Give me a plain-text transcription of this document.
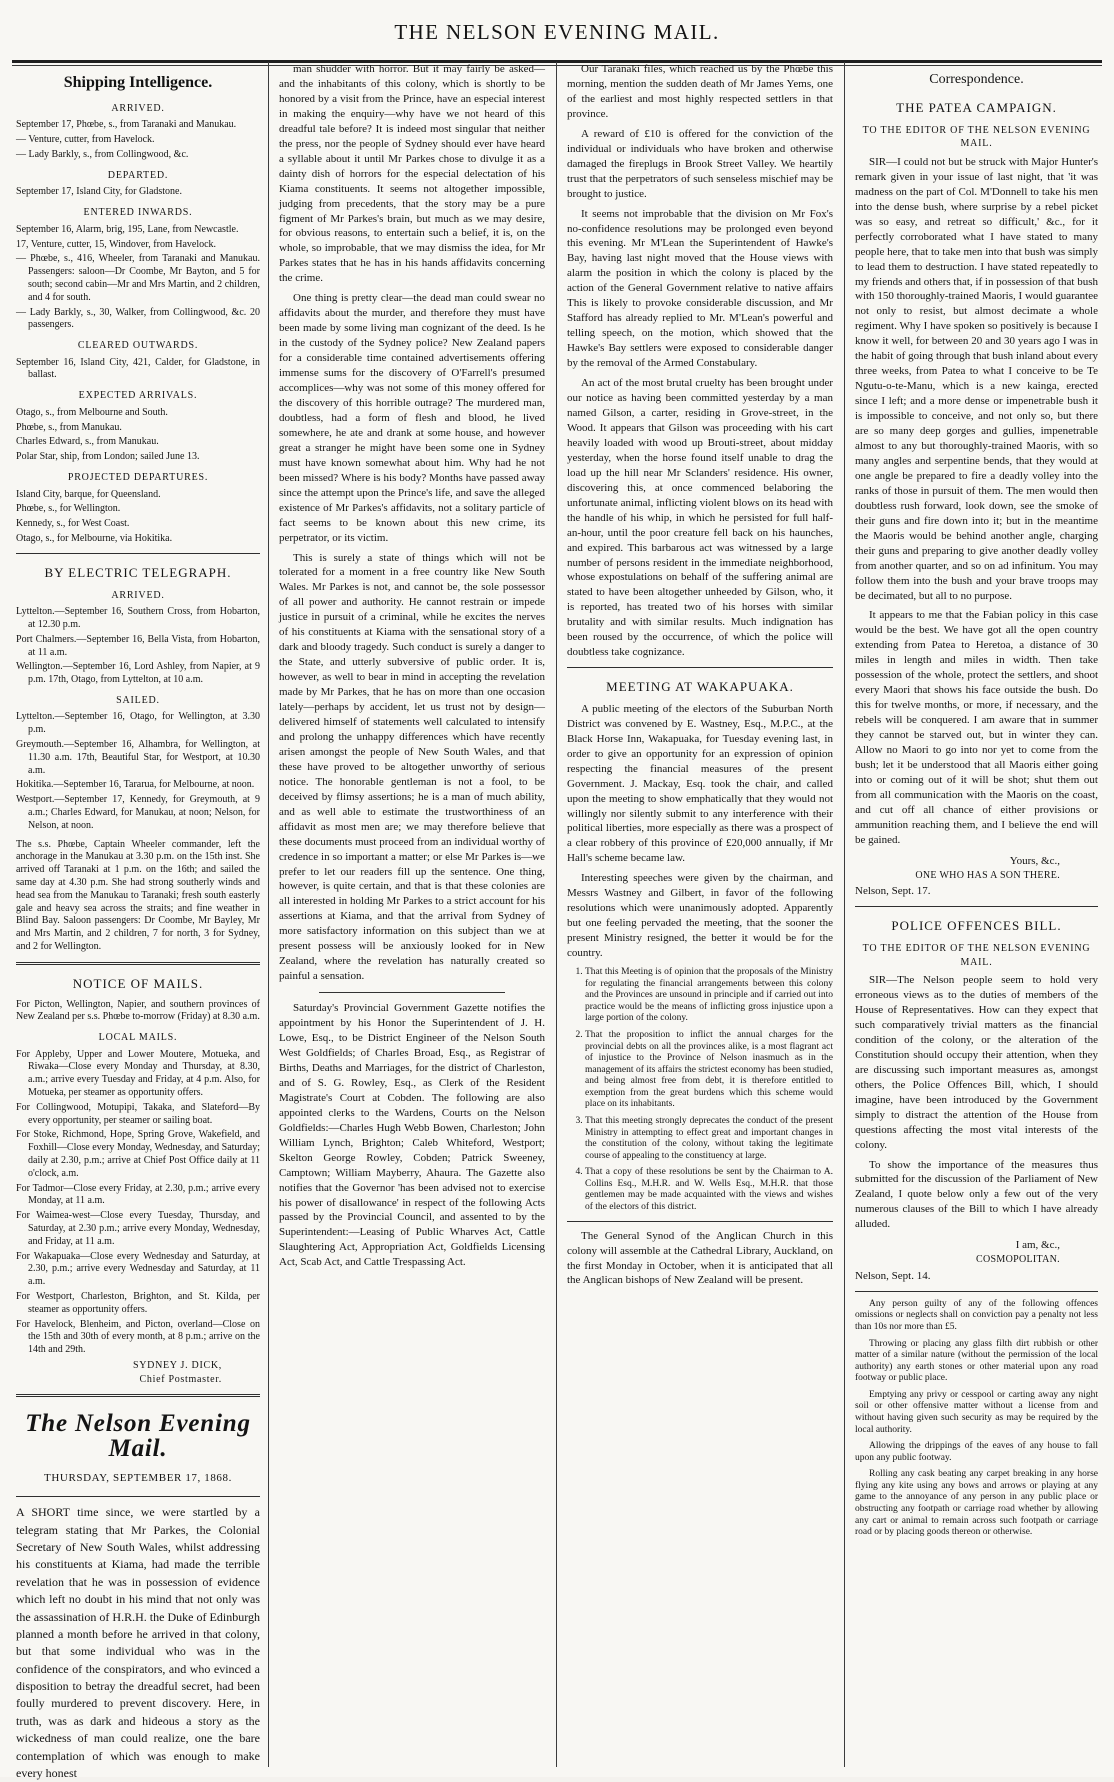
THE NELSON EVENING MAIL.
Shipping Intelligence.
ARRIVED.

September 17, Phœbe, s., from Taranaki and Manukau.

— Venture, cutter, from Havelock.

— Lady Barkly, s., from Collingwood, &c.

DEPARTED.

September 17, Island City, for Gladstone.

ENTERED INWARDS.

September 16, Alarm, brig, 195, Lane, from Newcastle.

17, Venture, cutter, 15, Windover, from Havelock.

— Phœbe, s., 416, Wheeler, from Taranaki and Manukau. Passengers: saloon—Dr Coombe, Mr Bayton, and 5 for south; second cabin—Mr and Mrs Martin, and 2 children, and 4 for south.

— Lady Barkly, s., 30, Walker, from Collingwood, &c. 20 passengers.

CLEARED OUTWARDS.

September 16, Island City, 421, Calder, for Gladstone, in ballast.

EXPECTED ARRIVALS.

Otago, s., from Melbourne and South.

Phœbe, s., from Manukau.

Charles Edward, s., from Manukau.

Polar Star, ship, from London; sailed June 13.

PROJECTED DEPARTURES.

Island City, barque, for Queensland.

Phœbe, s., for Wellington.

Kennedy, s., for West Coast.

Otago, s., for Melbourne, via Hokitika.

BY ELECTRIC TELEGRAPH.
ARRIVED.

Lyttelton.—September 16, Southern Cross, from Hobarton, at 12.30 p.m.

Port Chalmers.—September 16, Bella Vista, from Hobarton, at 11 a.m.

Wellington.—September 16, Lord Ashley, from Napier, at 9 p.m. 17th, Otago, from Lyttelton, at 10 a.m.

SAILED.

Lyttelton.—September 16, Otago, for Wellington, at 3.30 p.m.

Greymouth.—September 16, Alhambra, for Wellington, at 11.30 a.m. 17th, Beautiful Star, for Westport, at 10.30 a.m.

Hokitika.—September 16, Tararua, for Melbourne, at noon.

Westport.—September 17, Kennedy, for Greymouth, at 9 a.m.; Charles Edward, for Manukau, at noon; Nelson, for Nelson, at noon.

The s.s. Phœbe, Captain Wheeler commander, left the anchorage in the Manukau at 3.30 p.m. on the 15th inst. She arrived off Taranaki at 1 p.m. on the 16th; and sailed the same day at 4.30 p.m. She had strong southerly winds and head sea from the Manukau to Taranaki; fresh south easterly gale and heavy sea across the straits; and fine weather in Blind Bay. Saloon passengers: Dr Coombe, Mr Bayley, Mr and Mrs Martin, and 2 children, 7 for north, 3 for Sydney, and 2 for Wellington.
NOTICE OF MAILS.
For Picton, Wellington, Napier, and southern provinces of New Zealand per s.s. Phœbe to-morrow (Friday) at 8.30 a.m.
LOCAL MAILS.

For Appleby, Upper and Lower Moutere, Motueka, and Riwaka—Close every Monday and Thursday, at 8.30, a.m.; arrive every Tuesday and Friday, at 4 p.m. Also, for Motueka, per steamer as opportunity offers.

For Collingwood, Motupipi, Takaka, and Slateford—By every opportunity, per steamer or sailing boat.

For Stoke, Richmond, Hope, Spring Grove, Wakefield, and Foxhill—Close every Monday, Wednesday, and Saturday; daily at 2.30, p.m.; arrive at Chief Post Office daily at 11 o'clock, a.m.

For Tadmor—Close every Friday, at 2.30, p.m.; arrive every Monday, at 11 a.m.

For Waimea-west—Close every Tuesday, Thursday, and Saturday, at 2.30 p.m.; arrive every Monday, Wednesday, and Friday, at 11 a.m.

For Wakapuaka—Close every Wednesday and Saturday, at 2.30, p.m.; arrive every Wednesday and Saturday, at 11 a.m.

For Westport, Charleston, Brighton, and St. Kilda, per steamer as opportunity offers.

For Havelock, Blenheim, and Picton, overland—Close on the 15th and 30th of every month, at 8 p.m.; arrive on the 14th and 29th.

SYDNEY J. DICK,
Chief Postmaster.
The Nelson Evening Mail.
THURSDAY, SEPTEMBER 17, 1868.
A SHORT time since, we were startled by a telegram stating that Mr Parkes, the Colonial Secretary of New South Wales, whilst addressing his constituents at Kiama, had made the terrible revelation that he was in possession of evidence which left no doubt in his mind that not only was the assassination of H.R.H. the Duke of Edinburgh planned a month before he arrived in that colony, but that some individual who was in the confidence of the conspirators, and who evinced a disposition to betray the dreadful secret, had been foully murdered to prevent discovery. Here, in truth, was as dark and hideous a story as the wickedness of man could realize, one the bare contemplation of which was enough to make every honest

man shudder with horror. But it may fairly be asked—and the inhabitants of this colony, which is shortly to be honored by a visit from the Prince, have an especial interest in making the enquiry—why have we not heard of this dreadful tale before? It is indeed most singular that neither the press, nor the people of Sydney should ever have heard a syllable about it until Mr Parkes chose to divulge it as a dainty dish of horrors for the especial delectation of his Kiama constituents. It seems not altogether impossible, judging from precedents, that the story may be a pure figment of Mr Parkes's brain, but much as we may desire, for obvious reasons, to entertain such a belief, it is, on the whole, so improbable, that we may dismiss the idea, for Mr Parkes states that he has in his hands affidavits concerning the crime.

One thing is pretty clear—the dead man could swear no affidavits about the murder, and therefore they must have been made by some living man cognizant of the deed. Is he in the custody of the Sydney police? New Zealand papers for a considerable time contained advertisements offering immense sums for the discovery of O'Farrell's presumed accomplices—why was not some of this money offered for the discovery of this horrible outrage? The murdered man, doubtless, had a form of flesh and blood, he lived somewhere, he ate and drank at some house, and however great a stranger he might have been some one in Sydney must have known somewhat about him. Why had he not been missed? Where is his body? Months have passed away since the attempt upon the Prince's life, and save the alleged existence of Mr Parkes's affidavits, not a solitary particle of fact seems to be known about this new crime, its perpetrator, or its victim.

This is surely a state of things which will not be tolerated for a moment in a free country like New South Wales. Mr Parkes is not, and cannot be, the sole possessor of all power and authority. He cannot restrain or impede justice in pursuit of a criminal, while he excites the nerves of his constituents at Kiama with the sensational story of a dark and bloody tragedy. Such conduct is surely a danger to the State, and utterly subversive of public order. It is, however, as well to bear in mind in accepting the revelation made by Mr Parkes, that he has on more than one occasion lately—perhaps by accident, let us trust not by design—delivered himself of statements well calculated to intensify and prolong the unhappy differences which have recently arisen amongst the people of New South Wales, and that these have proved to be altogether unworthy of serious notice. The honorable gentleman is not a fool, to be deceived by flimsy assertions; he is a man of much ability, and as well able to estimate the trustworthiness of an affidavit as most men are; we may therefore believe that these documents must proceed from an individual worthy of credence in so important a matter; or else Mr Parkes is—we prefer to let our readers fill up the sentence. One thing, however, is quite certain, and that is that these colonies are all interested in holding Mr Parkes to a strict account for his assertions at Kiama, and that the arrival from Sydney of more satisfactory information on this subject than we at present possess will be anxiously looked for in New Zealand, where the revelation has naturally created so painful a sensation.

Saturday's Provincial Government Gazette notifies the appointment by his Honor the Superintendent of J. H. Lowe, Esq., to be District Engineer of the Nelson South West Goldfields; of Charles Broad, Esq., as Registrar of Births, Deaths and Marriages, for the district of Charleston, and of S. G. Rowley, Esq., as Clerk of the Resident Magistrate's Court at Cobden. The following are also appointed clerks to the Wardens, Courts on the Nelson Goldfields:—Charles Hugh Webb Bowen, Charleston; John William Lynch, Brighton; Caleb Whiteford, Westport; Skelton George Rowley, Cobden; Patrick Sweeney, Camptown; William Mayberry, Ahaura. The Gazette also notifies that the Governor 'has been advised not to exercise his power of disallowance' in respect of the following Acts passed by the Provincial Council, and assented to by the Superintendent:—Leasing of Public Wharves Act, Cattle Slaughtering Act, Appropriation Act, Goldfields Licensing Act, Scab Act, and Cattle Trespassing Act.

Our Taranaki files, which reached us by the Phœbe this morning, mention the sudden death of Mr James Yems, one of the earliest and most highly respected settlers in that province.

A reward of £10 is offered for the conviction of the individual or individuals who have broken and otherwise damaged the fireplugs in Brook Street Valley. We heartily trust that the perpetrators of such senseless mischief may be brought to justice.

It seems not improbable that the division on Mr Fox's no-confidence resolutions may be prolonged even beyond this evening. Mr M'Lean the Superintendent of Hawke's Bay, having last night moved that the House views with alarm the position in which the colony is placed by the action of the General Government relative to native affairs This is likely to provoke considerable discussion, and Mr Stafford has already replied to Mr. M'Lean's powerful and telling speech, on the motion, which showed that the Hawke's Bay settlers were exposed to considerable danger by the removal of the Armed Constabulary.

An act of the most brutal cruelty has been brought under our notice as having been committed yesterday by a man named Gilson, a carter, residing in Grove-street, in the Wood. It appears that Gilson was proceeding with his cart heavily loaded with wood up Brouti-street, about midday yesterday, when the horse found itself unable to drag the load up the hill near Mr Sclanders' residence. His owner, discovering this, at once commenced belaboring the unfortunate animal, inflicting violent blows on its head with the handle of his whip, in which he persisted for full half-an-hour, until the poor creature fell back on his haunches, and expired. This barbarous act was witnessed by a large number of persons resident in the immediate neighborhood, whose expostulations on behalf of the suffering animal are stated to have been altogether unheeded by Gilson, who, it is reported, has treated two of his horses with similar brutality and with similar results. Much indignation has been roused by the occurrence, of which the police will doubtless take cognizance.

MEETING AT WAKAPUAKA.

A public meeting of the electors of the Suburban North District was convened by E. Wastney, Esq., M.P.C., at the Black Horse Inn, Wakapuaka, for Tuesday evening last, in order to give an opportunity for an expression of opinion respecting the financial measures of the present Government. J. Mackay, Esq. took the chair, and called upon the meeting to show emphatically that they would not willingly nor silently submit to any interference with their political liberties, more especially as there was a prospect of a clear robbery of this province of £20,000 annually, if Mr Hall's scheme became law.

Interesting speeches were given by the chairman, and Messrs Wastney and Gilbert, in favor of the following resolutions which were unanimously adopted. Apparently but one feeling pervaded the meeting, that the sooner the present Ministry resigned, the better it would be for the country.

1. That this Meeting is of opinion that the proposals of the Ministry for regulating the financial arrangements between this colony and the Provinces are unsound in principle and if carried out into practice would be the means of inflicting gross injustice upon a large portion of the colony.
2. That the proposition to inflict the annual charges for the provincial debts on all the provinces alike, is a most flagrant act of injustice to the Province of Nelson inasmuch as in the management of its affairs the strictest economy has been studied, and being almost free from debt, it is therefore entitled to exemption from the great burdens which this scheme would place on its inhabitants.
3. That this meeting strongly deprecates the conduct of the present Ministry in attempting to effect great and important changes in the constitution of the colony, without taking the legitimate course of appealing to the constituency at large.
4. That a copy of these resolutions be sent by the Chairman to A. Collins Esq., M.H.R. and W. Wells Esq., M.H.R. that those gentlemen may be made acquainted with the views and wishes of the electors of this district.

The General Synod of the Anglican Church in this colony will assemble at the Cathedral Library, Auckland, on the first Monday in October, when it is anticipated that all the Anglican bishops of New Zealand will be present.

Correspondence.
THE PATEA CAMPAIGN.
TO THE EDITOR OF THE NELSON EVENING MAIL.

SIR—I could not but be struck with Major Hunter's remark given in your issue of last night, that 'it was madness on the part of Col. M'Donnell to take his men into the dense bush, where surprise by a rebel picket was so easy, and retreat so difficult,' &c., for it perfectly corroborated what I have stated to many people here, that to take men into that bush was simply to lead them to destruction. I have stated repeatedly to my friends and others that, if in possession of that bush with 150 thoroughly-trained Maoris, I would guarantee not only to resist, but almost decimate a whole regiment. Why I have spoken so positively is because I know it well, for between 20 and 30 years ago I was in the habit of going through that bush inland about every three weeks, from Patea to what I conceive to be Te Ngutu-o-te-Manu, which is a new kainga, erected since I left; and a more dense or impenetrable bush it is impossible to conceive, and not only so, but there are so many deep gorges and gullies, impenetrable almost to any but thoroughly-trained Maoris, with so many angles and serpentine bends, that they would at one angle be prepared to fire a deadly volley into the ranks of those in pursuit of them. The men would then doubtless rush forward, look down, see the smoke of their guns and fire down into it; but in the meantime the Maoris would be behind another angle, charging their guns and preparing to give another deadly volley from another quarter, and so on ad infinitum. You may follow them into the bush and your brave troops may be decimated, but all to no purpose.

It appears to me that the Fabian policy in this case would be the best. We have got all the open country extending from Patea to Heretoa, a distance of 30 miles in length and miles in width. Then take possession of the whole, protect the settlers, and shoot every Maori that shows his face outside the bush. Do this for twelve months, or more, if necessary, and the rebels will be conquered. I am aware that in summer they cannot be starved out, but in winter they can. Allow no Maori to go into nor yet to come from the bush; let it be understood that all Maoris either going into or coming out of it will be shot; shut them out from all communication with the Maoris on the coast, and cut off all chance of either provisions or ammunition reaching them, and I believe the end will be gained.

Yours, &c.,
ONE WHO HAS A SON THERE.

Nelson, Sept. 17.

POLICE OFFENCES BILL.
TO THE EDITOR OF THE NELSON EVENING MAIL.

SIR—The Nelson people seem to hold very erroneous views as to the duties of members of the House of Representatives. How can they expect that such comparatively trivial matters as the financial condition of the colony, or the alteration of the Constitution should occupy their attention, when they are discussing such important measures as, amongst others, the Police Offences Bill, which, I should imagine, have been introduced by the Government simply to distract the attention of the House from questions affecting the most vital interests of the colony.

To show the importance of the measures thus submitted for the discussion of the Parliament of New Zealand, I quote below only a few out of the very numerous clauses of the Bill to which I have already alluded.

I am, &c.,
COSMOPOLITAN.

Nelson, Sept. 14.

Any person guilty of any of the following offences omissions or neglects shall on conviction pay a penalty not less than 10s nor more than £5.

Throwing or placing any glass filth dirt rubbish or other matter of a similar nature (without the permission of the local authority) any earth stones or other material upon any road footway or public place.

Emptying any privy or cesspool or carting away any night soil or other offensive matter without a license from and without having given such security as may be required by the local authority.

Allowing the drippings of the eaves of any house to fall upon any public footway.

Rolling any cask beating any carpet breaking in any horse flying any kite using any bows and arrows or playing at any game to the annoyance of any person in any public place or obstructing any footpath or carriage road whether by allowing any cart or animal to remain across such footpath or carriage road or by placing goods thereon or otherwise.
